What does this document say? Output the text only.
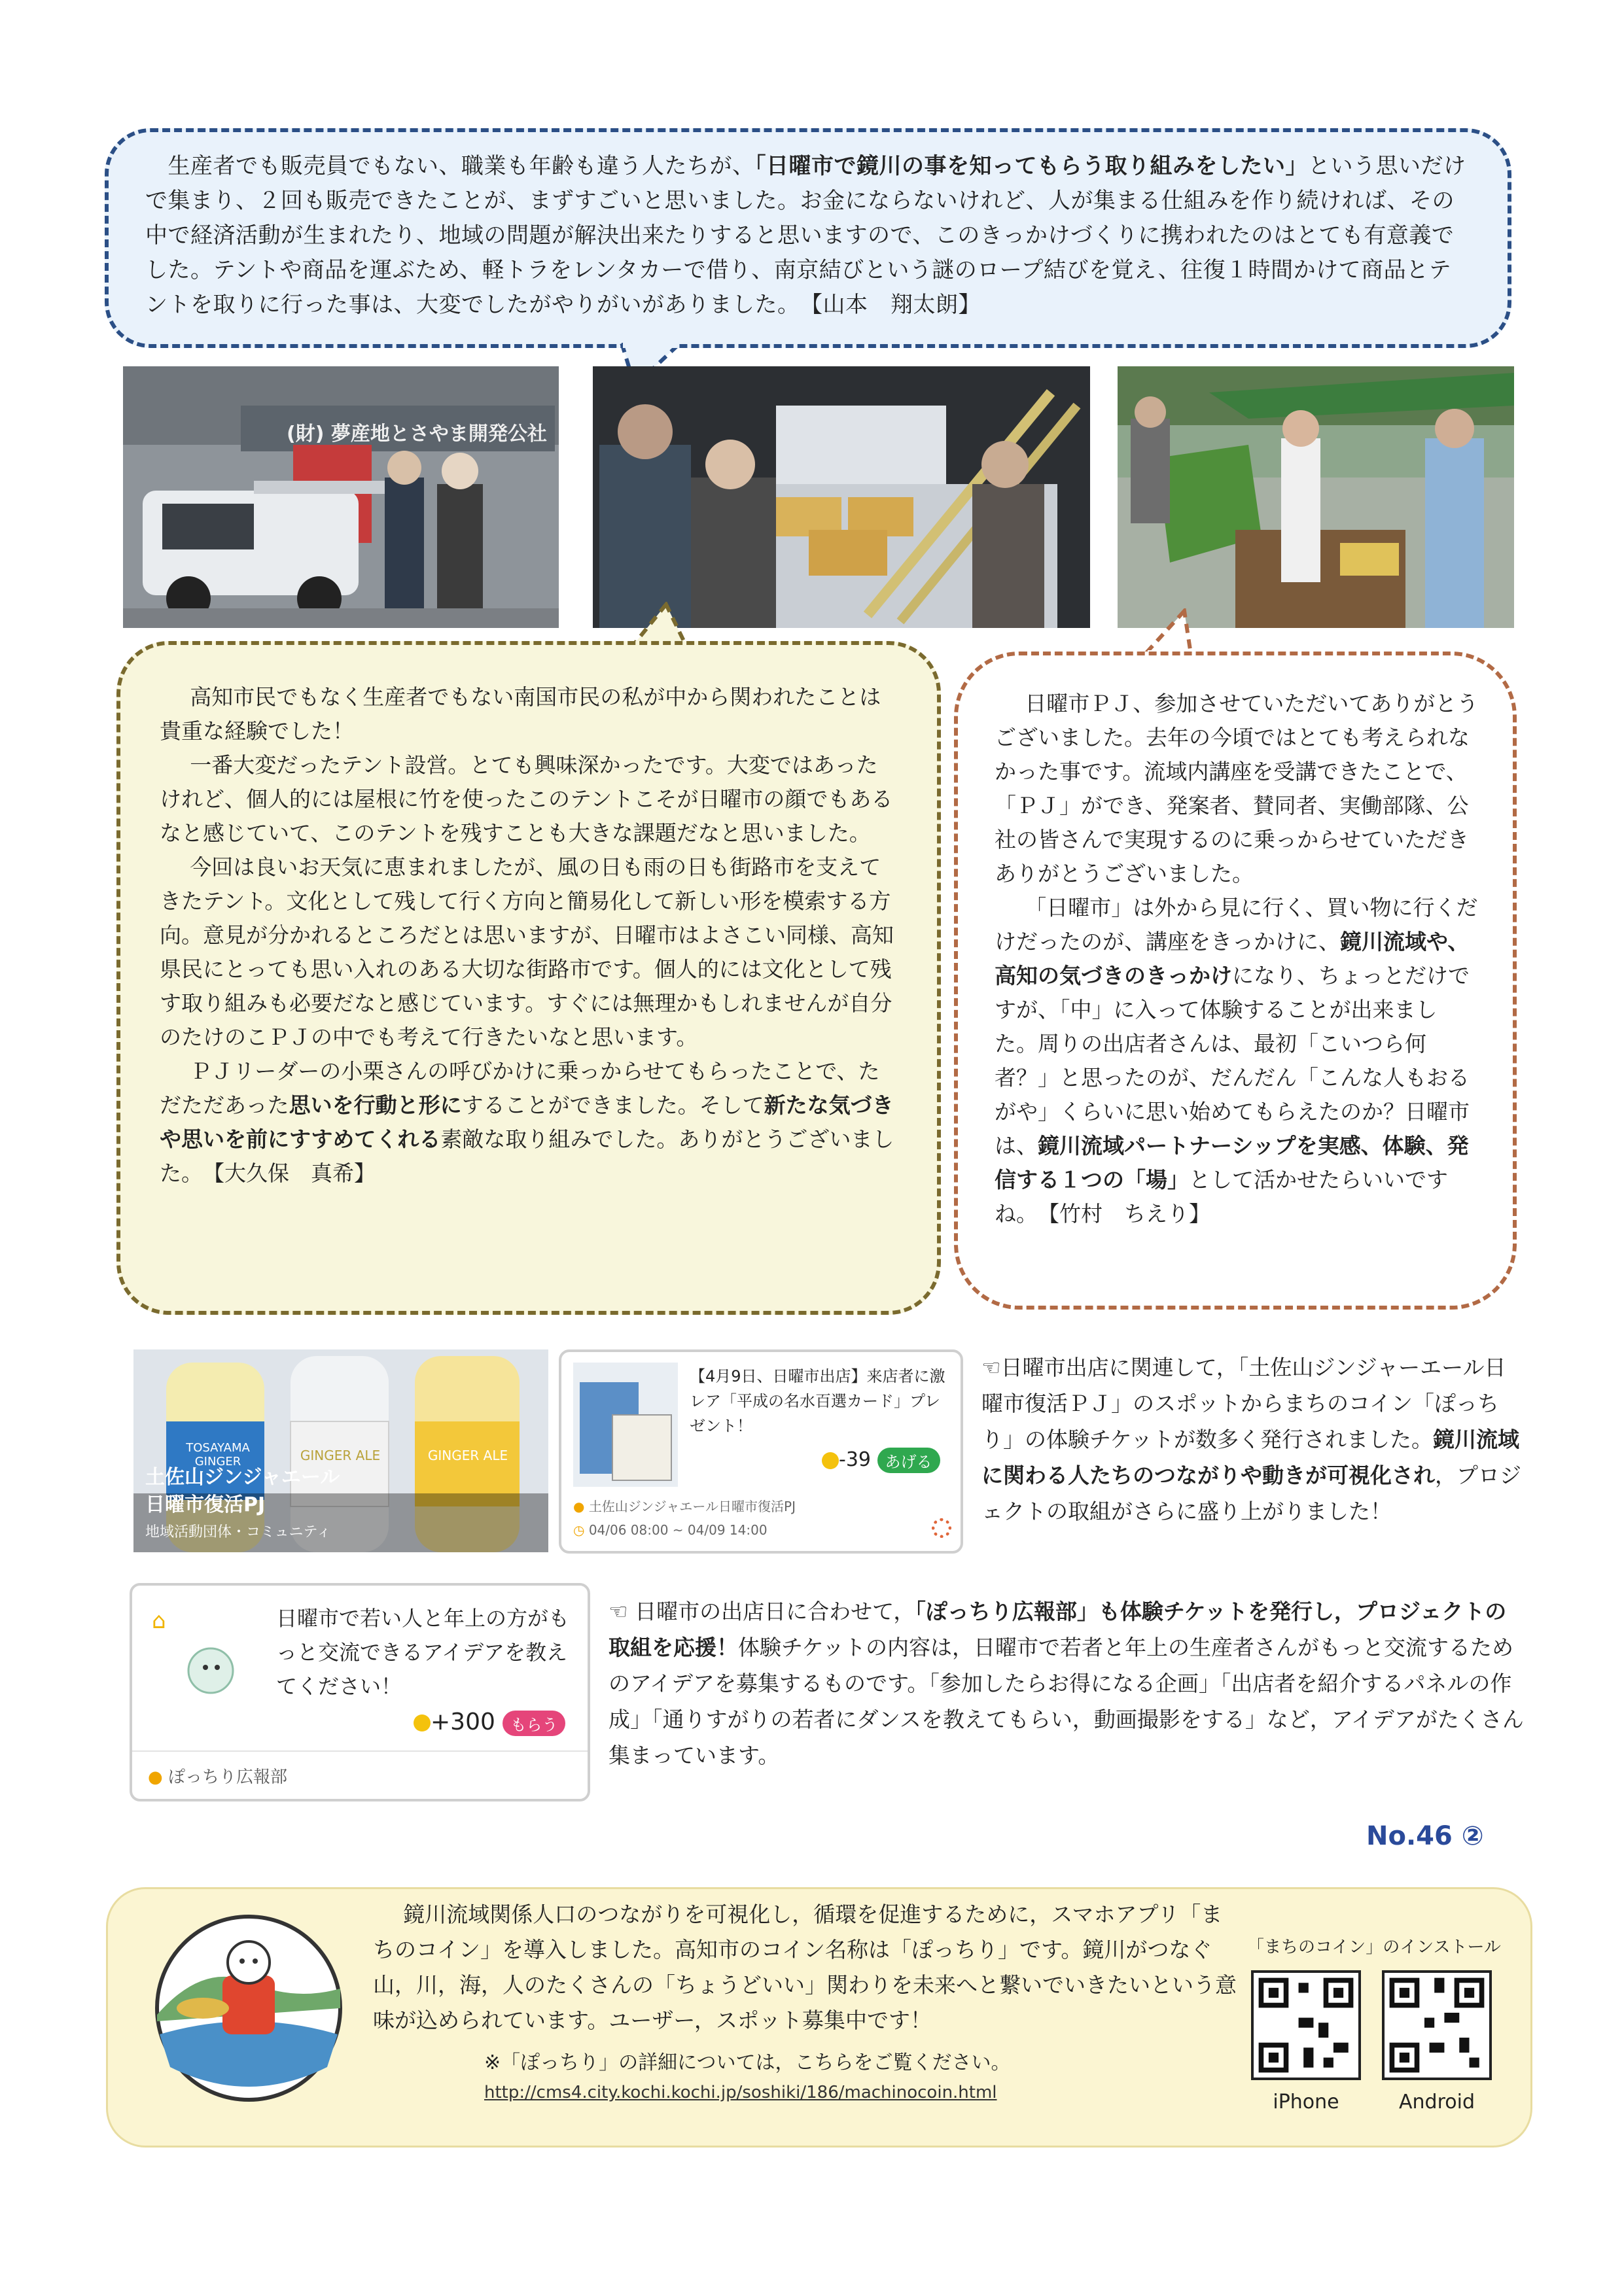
　生産者でも販売員でもない、職業も年齢も違う人たちが、「日曜市で鏡川の事を知ってもらう取り組みをしたい」という思いだけで集まり、２回も販売できたことが、まずすごいと思いました。お金にならないけれど、人が集まる仕組みを作り続ければ、その中で経済活動が生まれたり、地域の問題が解決出来たりすると思いますので、このきっかけづくりに携われたのはとても有意義でした。テントや商品を運ぶため、軽トラをレンタカーで借り、南京結びという謎のロープ結びを覚え、往復１時間かけて商品とテントを取りに行った事は、大変でしたがやりがいがありました。　 【山本　翔太朗】
(財) 夢産地とさやま開発公社

高知市民でもなく生産者でもない南国市民の私が中から関われたことは貴重な経験でした！

一番大変だったテント設営。とても興味深かったです。大変ではあったけれど、個人的には屋根に竹を使ったこのテントこそが日曜市の顔でもあるなと感じていて、このテントを残すことも大きな課題だなと思いました。

今回は良いお天気に恵まれましたが、風の日も雨の日も街路市を支えてきたテント。文化として残して行く方向と簡易化して新しい形を模索する方向。意見が分かれるところだとは思いますが、日曜市はよさこい同様、高知県民にとっても思い入れのある大切な街路市です。個人的には文化として残す取り組みも必要だなと感じています。すぐには無理かもしれませんが自分のたけのこＰＪの中でも考えて行きたいなと思います。

ＰＪリーダーの小栗さんの呼びかけに乗っからせてもらったことで、ただただあった思いを行動と形にすることができました。そして新たな気づきや思いを前にすすめてくれる素敵な取り組みでした。ありがとうございました。　 【大久保　真希】

日曜市ＰＪ、参加させていただいてありがとうございました。去年の今頃ではとても考えられなかった事です。流域内講座を受講できたことで、「ＰＪ」ができ、発案者、賛同者、実働部隊、公社の皆さんで実現するのに乗っからせていただきありがとうございました。

「日曜市」は外から見に行く、買い物に行くだけだったのが、講座をきっかけに、鏡川流域や、高知の気づきのきっかけになり、ちょっとだけですが、「中」に入って体験することが出来ました。周りの出店者さんは、最初「こいつら何者？」と思ったのが、だんだん「こんな人もおるがや」くらいに思い始めてもらえたのか？日曜市は、鏡川流域パートナーシップを実感、体験、発信する１つの「場」として活かせたらいいですね。　 【竹村　ちえり】

TOSAYAMA GINGER	GINGER ALE	GINGER ALE
土佐山ジンジャエール
日曜市復活PJ
地域活動団体・コミュニティ
【4月9日、日曜市出店】来店者に激レア「平成の名水百選カード」プレゼント！
-39 あげる
● 土佐山ジンジャエール日曜市復活PJ
◷ 04/06 08:00 ~ 04/09 14:00
☜日曜市出店に関連して，「土佐山ジンジャーエール日曜市復活ＰＪ」のスポットからまちのコイン「ぽっちり」の体験チケットが数多く発行されました。鏡川流域に関わる人たちのつながりや動きが可視化され，プロジェクトの取組がさらに盛り上がりました！
⌂	日曜市で若い人と年上の方がもっと交流できるアイデアを教えてください！
+300 もらう
● ぽっちり広報部
☜ 日曜市の出店日に合わせて，「ぽっちり広報部」も体験チケットを発行し，プロジェクトの取組を応援！体験チケットの内容は，日曜市で若者と年上の生産者さんがもっと交流するためのアイデアを募集するものです。「参加したらお得になる企画」「出店者を紹介するパネルの作成」「通りすがりの若者にダンスを教えてもらい，動画撮影をする」など，アイデアがたくさん集まっています。
No.46 ②
鏡川流域関係人口のつながりを可視化し，循環を促進するために，スマホアプリ「まちのコイン」を導入しました。高知市のコイン名称は「ぽっちり」です。鏡川がつなぐ山，川，海，人のたくさんの「ちょうどいい」関わりを未来へと繋いでいきたいという意味が込められています。ユーザー，スポット募集中です！
※「ぽっちり」の詳細については，こちらをご覧ください。
http://cms4.city.kochi.kochi.jp/soshiki/186/machinocoin.html
「まちのコイン」のインストール
iPhone	Android
